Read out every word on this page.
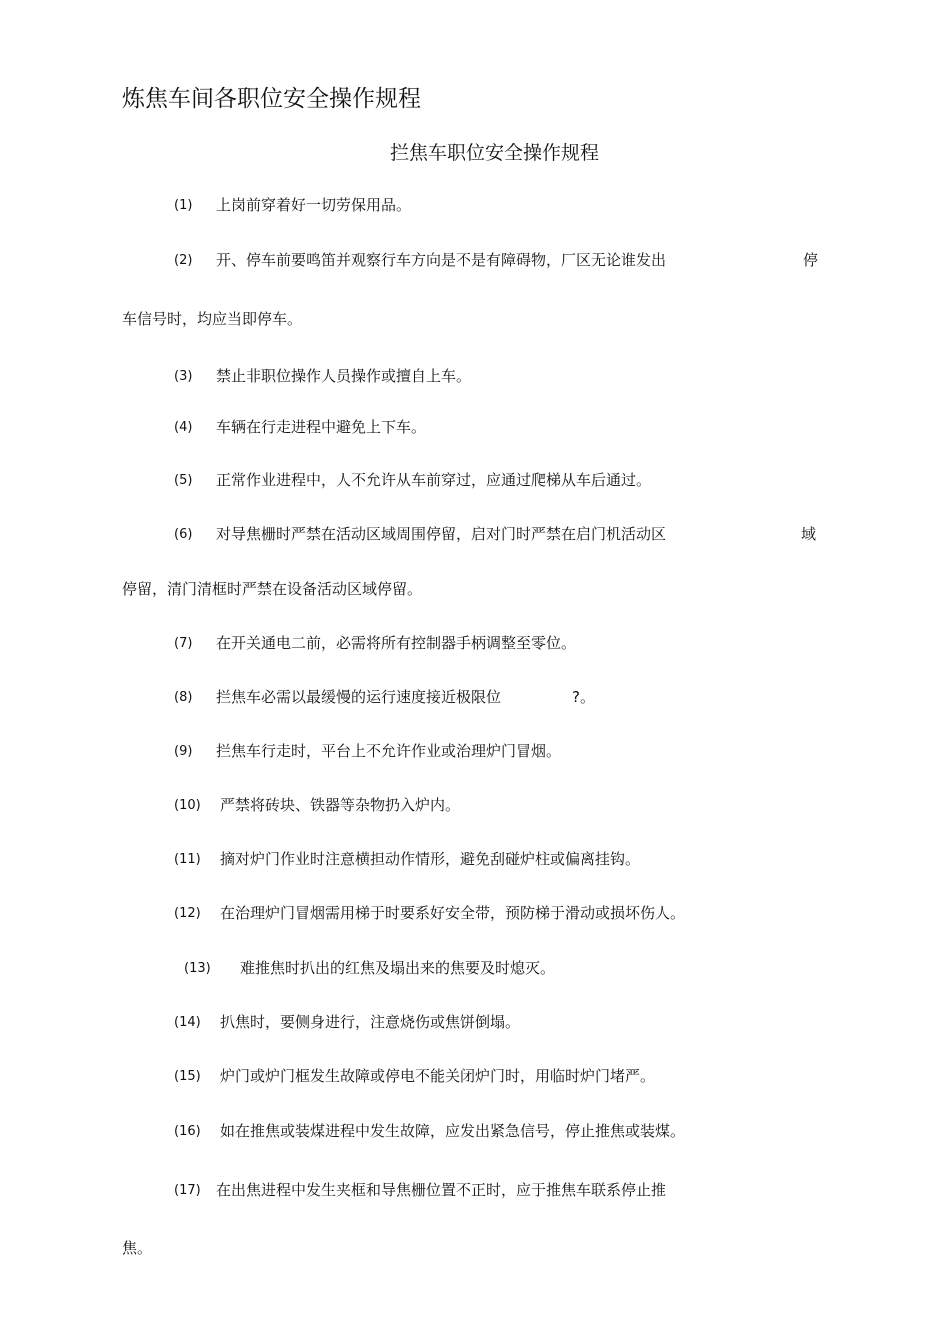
炼焦车间各职位安全操作规程
拦焦车职位安全操作规程
(1) 上岗前穿着好一切劳保用品。
(2) 开、停车前要鸣笛并观察行车方向是不是有障碍物，厂区无论谁发出	停
车信号时，均应当即停车。
(3) 禁止非职位操作人员操作或擅自上车。
(4) 车辆在行走进程中避免上下车。
(5) 正常作业进程中，人不允许从车前穿过，应通过爬梯从车后通过。
(6) 对导焦栅时严禁在活动区域周围停留，启对门时严禁在启门机活动区	域
停留，清门清框时严禁在设备活动区域停留。
(7) 在开关通电二前，必需将所有控制器手柄调整至零位。
(8) 拦焦车必需以最缓慢的运行速度接近极限位	?。
(9) 拦焦车行走时，平台上不允许作业或治理炉门冒烟。
(10) 严禁将砖块、铁器等杂物扔入炉内。
(11) 摘对炉门作业时注意横担动作情形，避免刮碰炉柱或偏离挂钩。
(12) 在治理炉门冒烟需用梯于时要系好安全带，预防梯于滑动或损坏伤人。
(13) 难推焦时扒出的红焦及塌出来的焦要及时熄灭。
(14) 扒焦时，要侧身进行，注意烧伤或焦饼倒塌。
(15) 炉门或炉门框发生故障或停电不能关闭炉门时，用临时炉门堵严。
(16) 如在推焦或装煤进程中发生故障，应发出紧急信号，停止推焦或装煤。
(17) 在出焦进程中发生夹框和导焦栅位置不正时，应于推焦车联系停止推
焦。
